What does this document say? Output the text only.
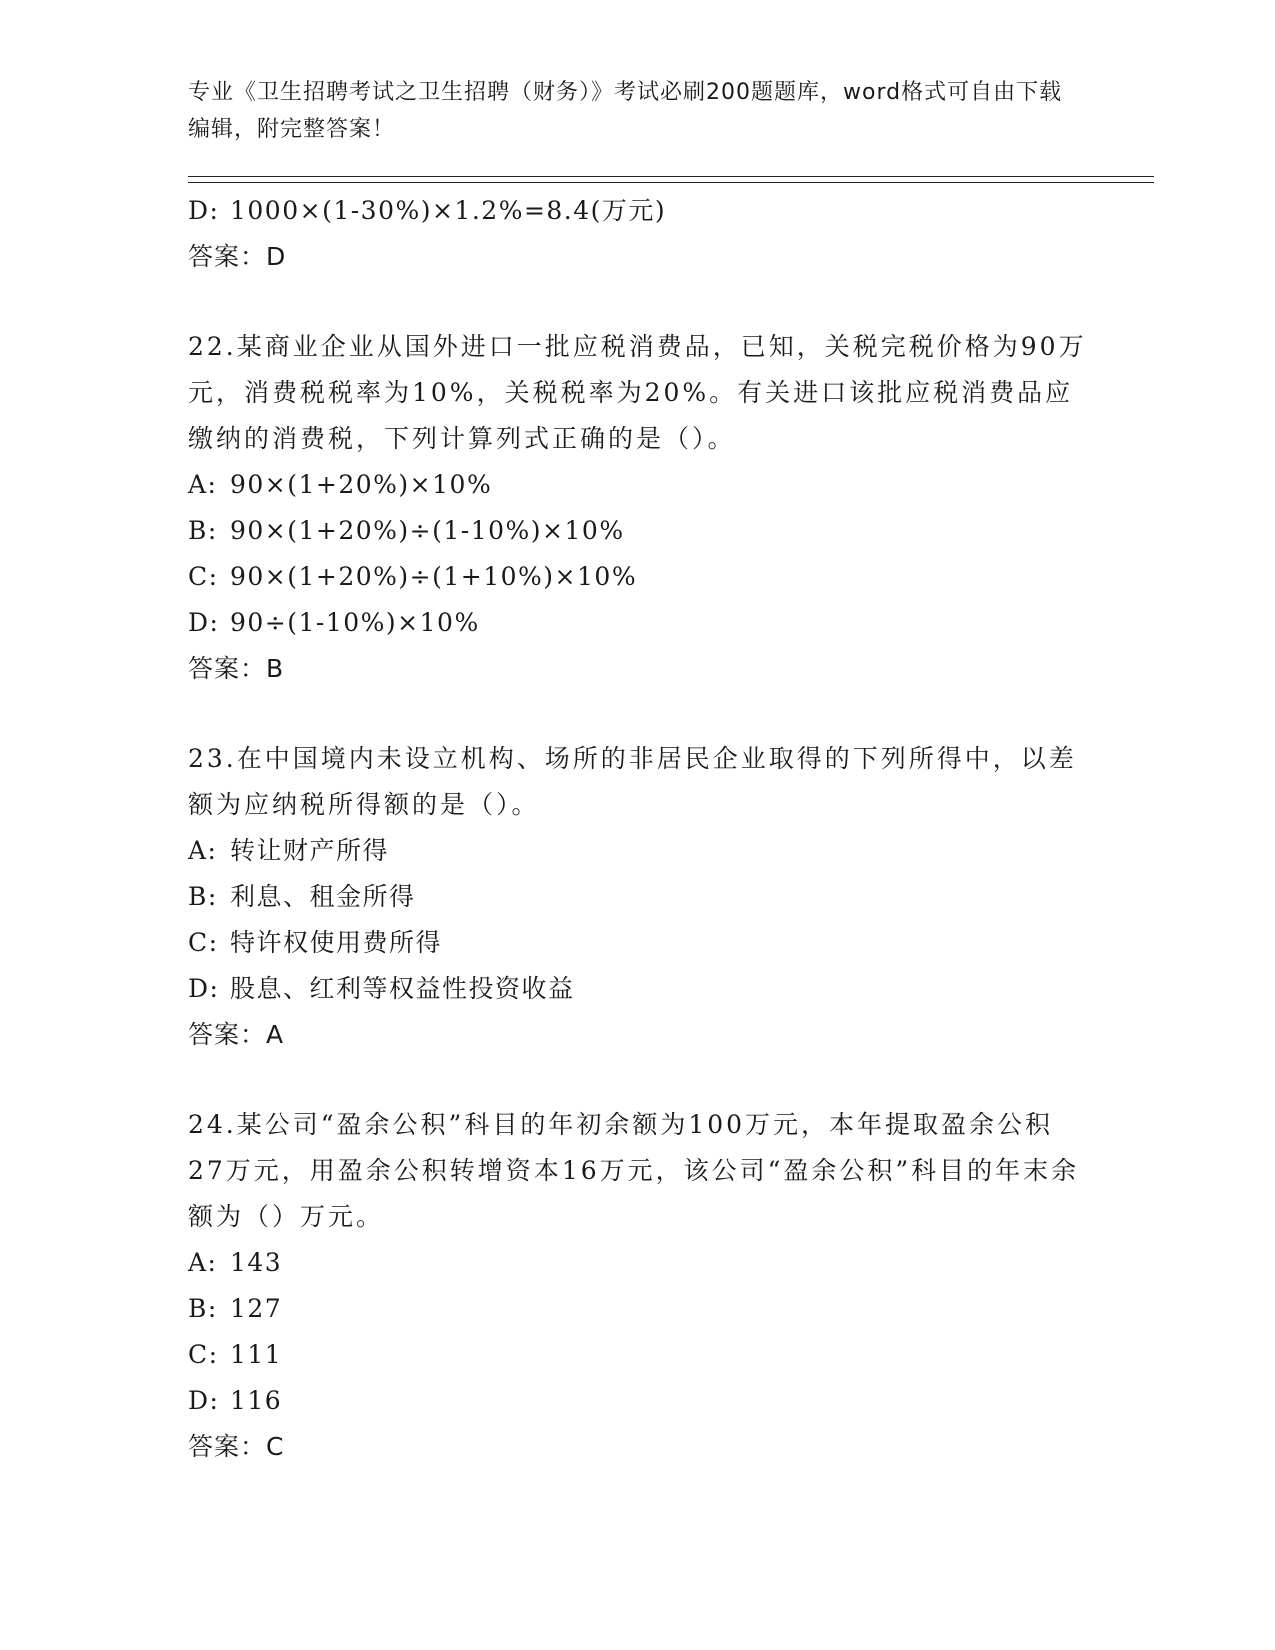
专业《卫生招聘考试之卫生招聘（财务）》考试必刷200题题库，word格式可自由下载编辑，附完整答案！
D: 1000×(1-30%)×1.2%=8.4(万元)
答案：D
22.某商业企业从国外进口一批应税消费品，已知，关税完税价格为90万元，消费税税率为10%，关税税率为20%。有关进口该批应税消费品应缴纳的消费税，下列计算列式正确的是（）。
A: 90×(1+20%)×10%
B: 90×(1+20%)÷(1-10%)×10%
C: 90×(1+20%)÷(1+10%)×10%
D: 90÷(1-10%)×10%
答案：B
23.在中国境内未设立机构、场所的非居民企业取得的下列所得中，以差额为应纳税所得额的是（）。
A: 转让财产所得
B: 利息、租金所得
C: 特许权使用费所得
D: 股息、红利等权益性投资收益
答案：A
24.某公司“盈余公积”科目的年初余额为100万元，本年提取盈余公积27万元，用盈余公积转增资本16万元，该公司“盈余公积”科目的年末余额为（）万元。
A: 143
B: 127
C: 111
D: 116
答案：C
